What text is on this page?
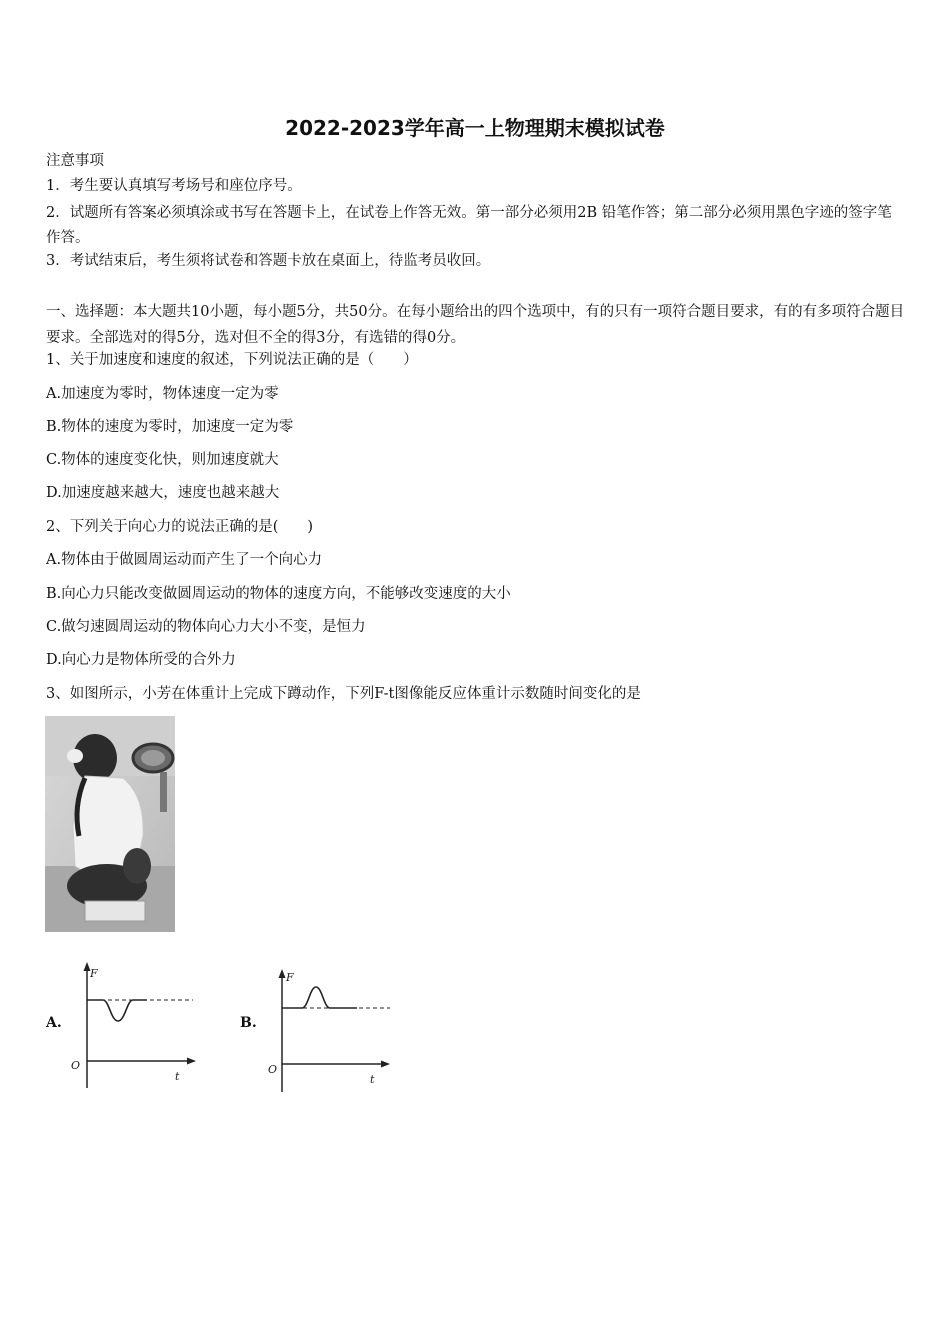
2022-2023学年高一上物理期末模拟试卷
注意事项
1．考生要认真填写考场号和座位序号。
2．试题所有答案必须填涂或书写在答题卡上，在试卷上作答无效。第一部分必须用2B 铅笔作答；第二部分必须用黑色字迹的签字笔作答。
3．考试结束后，考生须将试卷和答题卡放在桌面上，待监考员收回。
一、选择题：本大题共10小题，每小题5分，共50分。在每小题给出的四个选项中，有的只有一项符合题目要求，有的有多项符合题目要求。全部选对的得5分，选对但不全的得3分，有选错的得0分。
1、关于加速度和速度的叙述，下列说法正确的是（　　）
A.加速度为零时，物体速度一定为零
B.物体的速度为零时，加速度一定为零
C.物体的速度变化快，则加速度就大
D.加速度越来越大，速度也越来越大
2、下列关于向心力的说法正确的是(　　)
A.物体由于做圆周运动而产生了一个向心力
B.向心力只能改变做圆周运动的物体的速度方向，不能够改变速度的大小
C.做匀速圆周运动的物体向心力大小不变，是恒力
D.向心力是物体所受的合外力
3、如图所示，小芳在体重计上完成下蹲动作，下列F-t图像能反应体重计示数随时间变化的是
A.
F
t
O
B.
F
t
O
